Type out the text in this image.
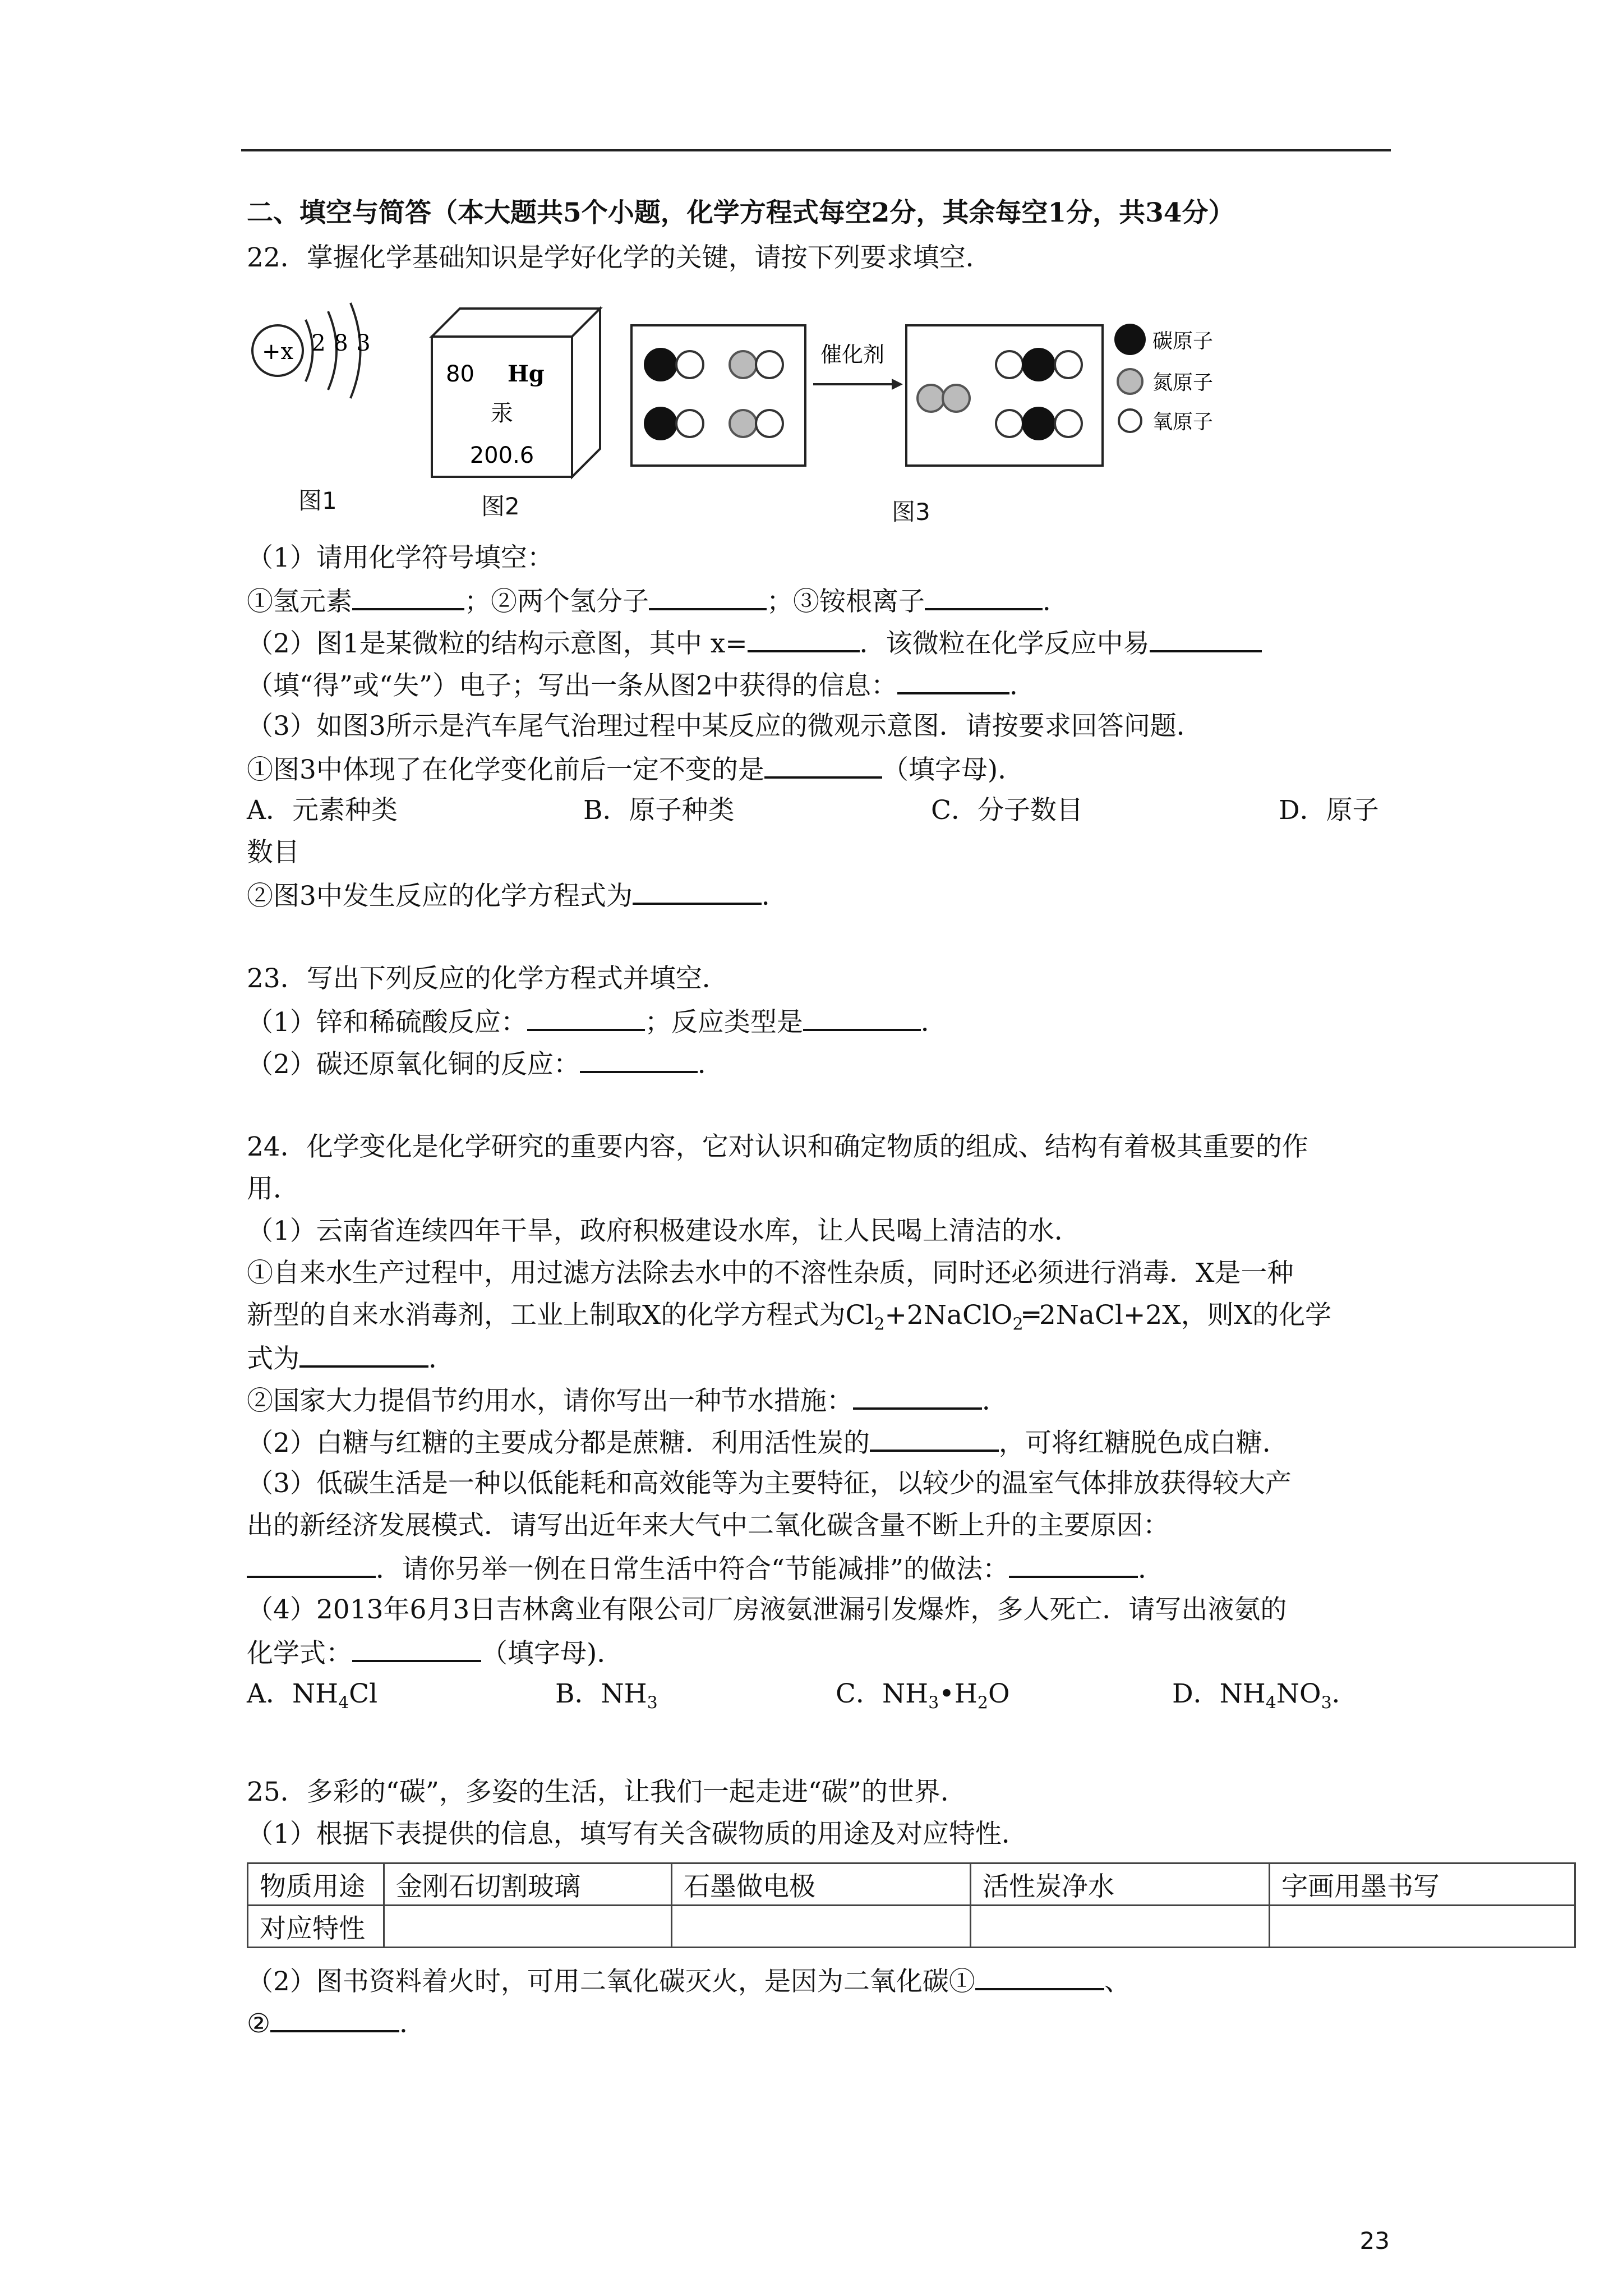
二、填空与简答（本大题共5个小题，化学方程式每空2分，其余每空1分，共34分）
22．掌握化学基础知识是学好化学的关键，请按下列要求填空．
+x 2 8 3
图1
80 Hg
汞
200.6
图2
催化剂
碳原子
氮原子
氧原子
图3
（1）请用化学符号填空：
①氢元素	；②两个氢分子	；③铵根离子	．
（2）图1是某微粒的结构示意图，其中 x=	．该微粒在化学反应中易
（填“得”或“失”）电子；写出一条从图2中获得的信息：	．
（3）如图3所示是汽车尾气治理过程中某反应的微观示意图．请按要求回答问题．
①图3中体现了在化学变化前后一定不变的是	（填字母)．
A．元素种类	B．原子种类	C．分子数目	D．原子
数目
②图3中发生反应的化学方程式为	．
23．写出下列反应的化学方程式并填空．
（1）锌和稀硫酸反应：	；反应类型是	．
（2）碳还原氧化铜的反应：	．
24．化学变化是化学研究的重要内容，它对认识和确定物质的组成、结构有着极其重要的作
用．
（1）云南省连续四年干旱，政府积极建设水库，让人民喝上清洁的水．
①自来水生产过程中，用过滤方法除去水中的不溶性杂质，同时还必须进行消毒．X是一种
新型的自来水消毒剂，工业上制取X的化学方程式为$Cl_2+2NaClO_2═2NaCl+2X$，则X的化学
式为	．
②国家大力提倡节约用水，请你写出一种节水措施：	．
（2）白糖与红糖的主要成分都是蔗糖．利用活性炭的	，可将红糖脱色成白糖．
（3）低碳生活是一种以低能耗和高效能等为主要特征，以较少的温室气体排放获得较大产
出的新经济发展模式．请写出近年来大气中二氧化碳含量不断上升的主要原因：
．请你另举一例在日常生活中符合“节能减排”的做法：	．
（4）2013年6月3日吉林禽业有限公司厂房液氨泄漏引发爆炸，多人死亡．请写出液氨的
化学式：	（填字母)．
A．$NH_4Cl$	B．$NH_3$	C．$NH_3•H_2O$	D．$NH_4NO_3$．
25．多彩的“碳”，多姿的生活，让我们一起走进“碳”的世界．
（1）根据下表提供的信息，填写有关含碳物质的用途及对应特性．
物质用途	金刚石切割玻璃	石墨做电极	活性炭净水	字画用墨书写
对应特性				
（2）图书资料着火时，可用二氧化碳灭火，是因为二氧化碳①	、
②	．
23
